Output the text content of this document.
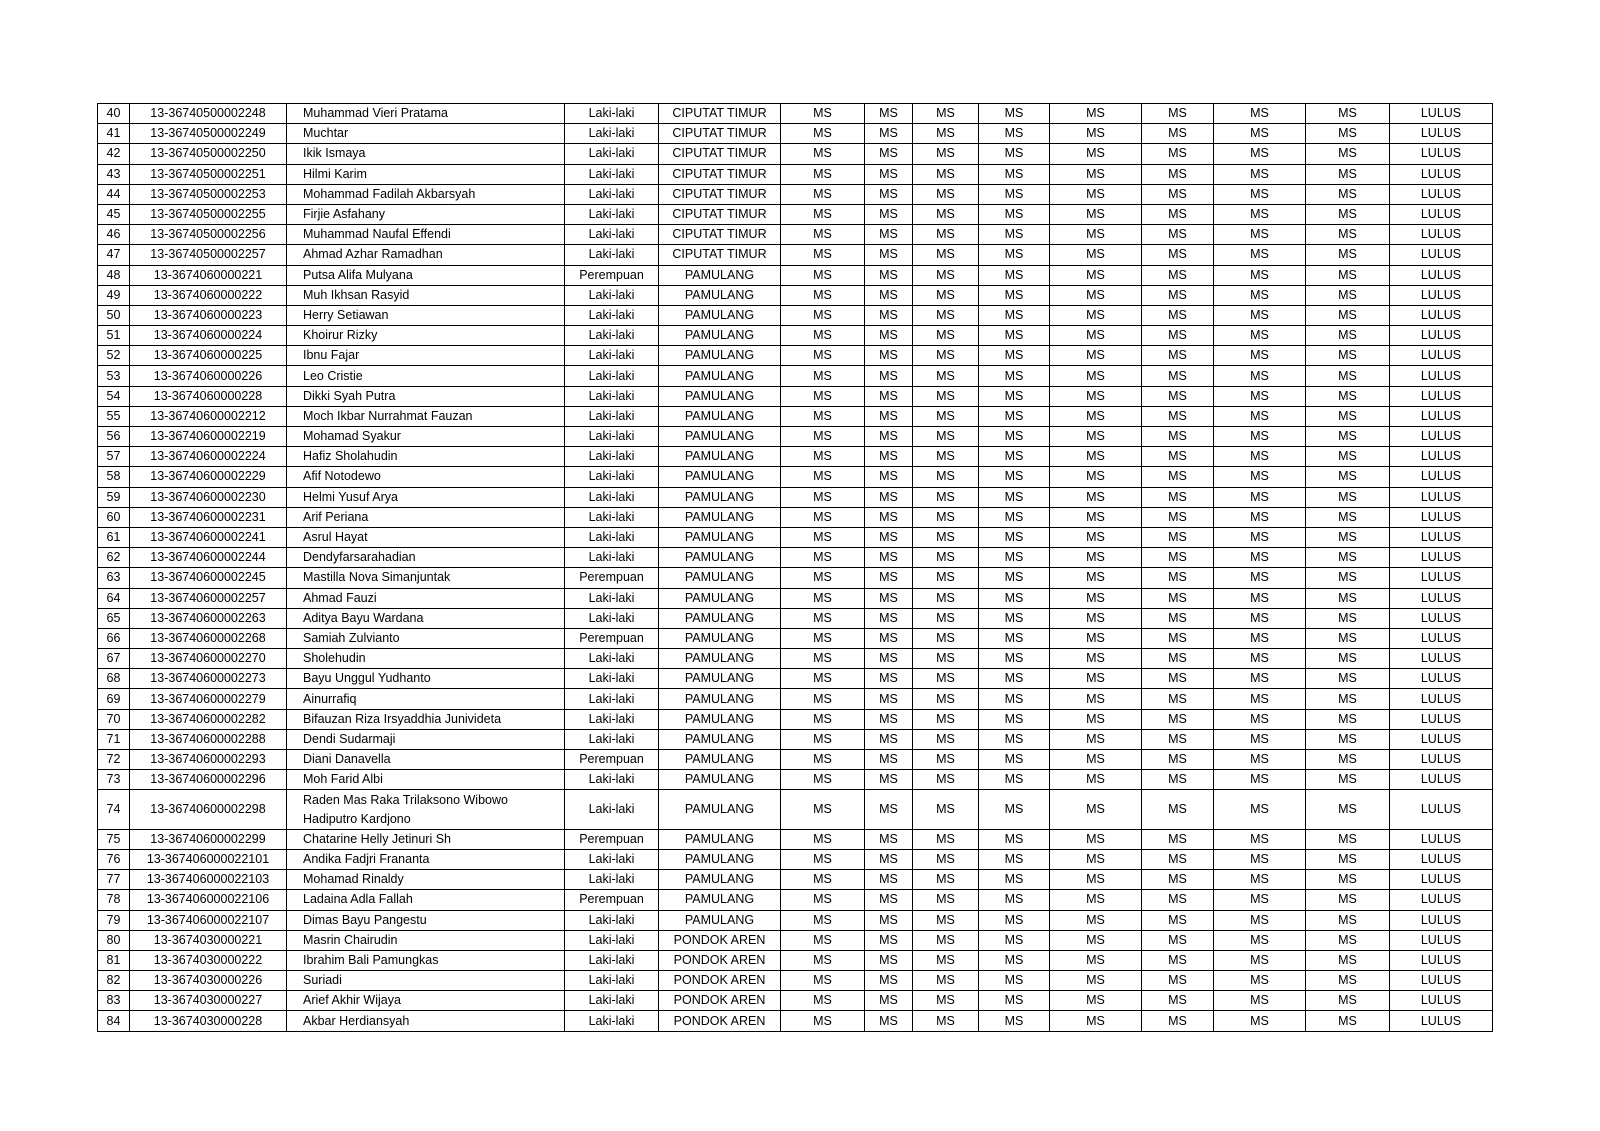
40	13-36740500002248	Muhammad Vieri Pratama	Laki-laki	CIPUTAT TIMUR	MS	MS	MS	MS	MS	MS	MS	MS	LULUS
41	13-36740500002249	Muchtar	Laki-laki	CIPUTAT TIMUR	MS	MS	MS	MS	MS	MS	MS	MS	LULUS
42	13-36740500002250	Ikik Ismaya	Laki-laki	CIPUTAT TIMUR	MS	MS	MS	MS	MS	MS	MS	MS	LULUS
43	13-36740500002251	Hilmi Karim	Laki-laki	CIPUTAT TIMUR	MS	MS	MS	MS	MS	MS	MS	MS	LULUS
44	13-36740500002253	Mohammad Fadilah Akbarsyah	Laki-laki	CIPUTAT TIMUR	MS	MS	MS	MS	MS	MS	MS	MS	LULUS
45	13-36740500002255	Firjie Asfahany	Laki-laki	CIPUTAT TIMUR	MS	MS	MS	MS	MS	MS	MS	MS	LULUS
46	13-36740500002256	Muhammad Naufal Effendi	Laki-laki	CIPUTAT TIMUR	MS	MS	MS	MS	MS	MS	MS	MS	LULUS
47	13-36740500002257	Ahmad Azhar Ramadhan	Laki-laki	CIPUTAT TIMUR	MS	MS	MS	MS	MS	MS	MS	MS	LULUS
48	13-3674060000221	Putsa Alifa Mulyana	Perempuan	PAMULANG	MS	MS	MS	MS	MS	MS	MS	MS	LULUS
49	13-3674060000222	Muh Ikhsan Rasyid	Laki-laki	PAMULANG	MS	MS	MS	MS	MS	MS	MS	MS	LULUS
50	13-3674060000223	Herry Setiawan	Laki-laki	PAMULANG	MS	MS	MS	MS	MS	MS	MS	MS	LULUS
51	13-3674060000224	Khoirur Rizky	Laki-laki	PAMULANG	MS	MS	MS	MS	MS	MS	MS	MS	LULUS
52	13-3674060000225	Ibnu Fajar	Laki-laki	PAMULANG	MS	MS	MS	MS	MS	MS	MS	MS	LULUS
53	13-3674060000226	Leo Cristie	Laki-laki	PAMULANG	MS	MS	MS	MS	MS	MS	MS	MS	LULUS
54	13-3674060000228	Dikki Syah Putra	Laki-laki	PAMULANG	MS	MS	MS	MS	MS	MS	MS	MS	LULUS
55	13-36740600002212	Moch Ikbar Nurrahmat Fauzan	Laki-laki	PAMULANG	MS	MS	MS	MS	MS	MS	MS	MS	LULUS
56	13-36740600002219	Mohamad Syakur	Laki-laki	PAMULANG	MS	MS	MS	MS	MS	MS	MS	MS	LULUS
57	13-36740600002224	Hafiz Sholahudin	Laki-laki	PAMULANG	MS	MS	MS	MS	MS	MS	MS	MS	LULUS
58	13-36740600002229	Afif Notodewo	Laki-laki	PAMULANG	MS	MS	MS	MS	MS	MS	MS	MS	LULUS
59	13-36740600002230	Helmi Yusuf Arya	Laki-laki	PAMULANG	MS	MS	MS	MS	MS	MS	MS	MS	LULUS
60	13-36740600002231	Arif Periana	Laki-laki	PAMULANG	MS	MS	MS	MS	MS	MS	MS	MS	LULUS
61	13-36740600002241	Asrul Hayat	Laki-laki	PAMULANG	MS	MS	MS	MS	MS	MS	MS	MS	LULUS
62	13-36740600002244	Dendyfarsarahadian	Laki-laki	PAMULANG	MS	MS	MS	MS	MS	MS	MS	MS	LULUS
63	13-36740600002245	Mastilla Nova Simanjuntak	Perempuan	PAMULANG	MS	MS	MS	MS	MS	MS	MS	MS	LULUS
64	13-36740600002257	Ahmad Fauzi	Laki-laki	PAMULANG	MS	MS	MS	MS	MS	MS	MS	MS	LULUS
65	13-36740600002263	Aditya Bayu Wardana	Laki-laki	PAMULANG	MS	MS	MS	MS	MS	MS	MS	MS	LULUS
66	13-36740600002268	Samiah Zulvianto	Perempuan	PAMULANG	MS	MS	MS	MS	MS	MS	MS	MS	LULUS
67	13-36740600002270	Sholehudin	Laki-laki	PAMULANG	MS	MS	MS	MS	MS	MS	MS	MS	LULUS
68	13-36740600002273	Bayu Unggul Yudhanto	Laki-laki	PAMULANG	MS	MS	MS	MS	MS	MS	MS	MS	LULUS
69	13-36740600002279	Ainurrafiq	Laki-laki	PAMULANG	MS	MS	MS	MS	MS	MS	MS	MS	LULUS
70	13-36740600002282	Bifauzan Riza Irsyaddhia Junivideta	Laki-laki	PAMULANG	MS	MS	MS	MS	MS	MS	MS	MS	LULUS
71	13-36740600002288	Dendi Sudarmaji	Laki-laki	PAMULANG	MS	MS	MS	MS	MS	MS	MS	MS	LULUS
72	13-36740600002293	Diani Danavella	Perempuan	PAMULANG	MS	MS	MS	MS	MS	MS	MS	MS	LULUS
73	13-36740600002296	Moh Farid Albi	Laki-laki	PAMULANG	MS	MS	MS	MS	MS	MS	MS	MS	LULUS
74	13-36740600002298	Raden Mas Raka Trilaksono Wibowo Hadiputro Kardjono	Laki-laki	PAMULANG	MS	MS	MS	MS	MS	MS	MS	MS	LULUS
75	13-36740600002299	Chatarine Helly Jetinuri Sh	Perempuan	PAMULANG	MS	MS	MS	MS	MS	MS	MS	MS	LULUS
76	13-367406000022101	Andika Fadjri Frananta	Laki-laki	PAMULANG	MS	MS	MS	MS	MS	MS	MS	MS	LULUS
77	13-367406000022103	Mohamad Rinaldy	Laki-laki	PAMULANG	MS	MS	MS	MS	MS	MS	MS	MS	LULUS
78	13-367406000022106	Ladaina Adla Fallah	Perempuan	PAMULANG	MS	MS	MS	MS	MS	MS	MS	MS	LULUS
79	13-367406000022107	Dimas Bayu Pangestu	Laki-laki	PAMULANG	MS	MS	MS	MS	MS	MS	MS	MS	LULUS
80	13-3674030000221	Masrin Chairudin	Laki-laki	PONDOK AREN	MS	MS	MS	MS	MS	MS	MS	MS	LULUS
81	13-3674030000222	Ibrahim Bali Pamungkas	Laki-laki	PONDOK AREN	MS	MS	MS	MS	MS	MS	MS	MS	LULUS
82	13-3674030000226	Suriadi	Laki-laki	PONDOK AREN	MS	MS	MS	MS	MS	MS	MS	MS	LULUS
83	13-3674030000227	Arief Akhir Wijaya	Laki-laki	PONDOK AREN	MS	MS	MS	MS	MS	MS	MS	MS	LULUS
84	13-3674030000228	Akbar Herdiansyah	Laki-laki	PONDOK AREN	MS	MS	MS	MS	MS	MS	MS	MS	LULUS
